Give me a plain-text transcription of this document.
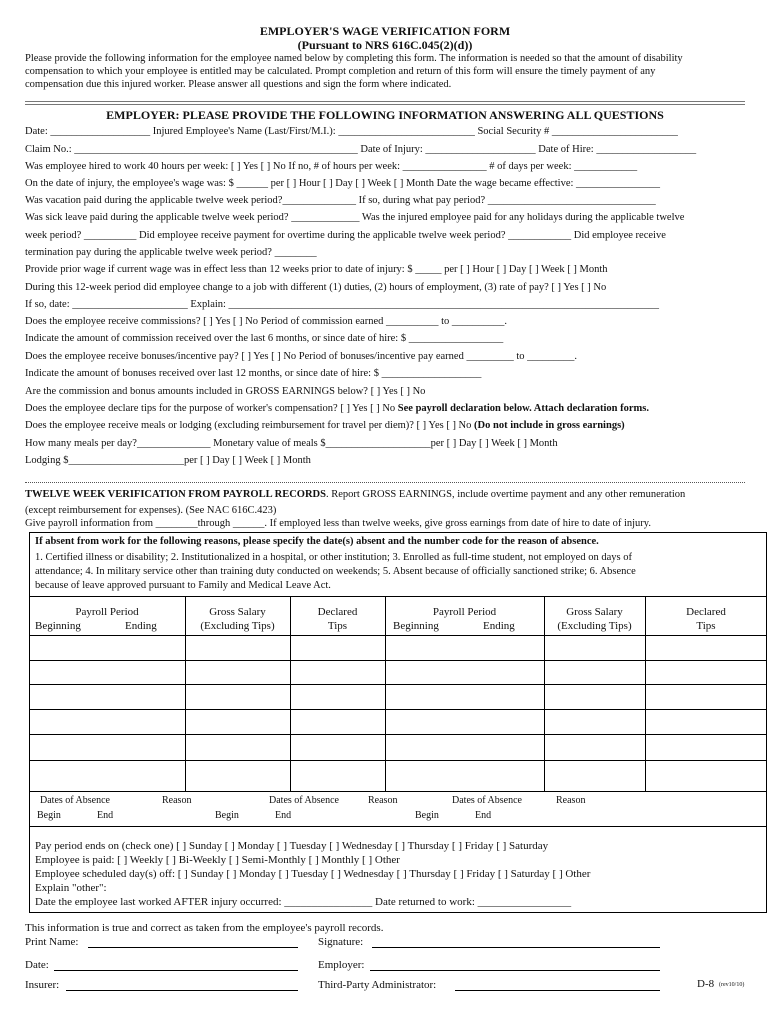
EMPLOYER'S WAGE VERIFICATION FORM
(Pursuant to NRS 616C.045(2)(d))
Please provide the following information for the employee named below by completing this form. The information is needed so that the amount of disability
compensation to which your employee is entitled may be calculated. Prompt completion and return of this form will ensure the timely payment of any
compensation due this injured worker. Please answer all questions and sign the form where indicated.
EMPLOYER: PLEASE PROVIDE THE FOLLOWING INFORMATION ANSWERING ALL QUESTIONS
Date: ___________________ Injured Employee's Name (Last/First/M.I.): __________________________ Social Security # ________________________
Claim No.: ______________________________________________________ Date of Injury: _____________________ Date of Hire: ___________________
Was employee hired to work 40 hours per week: [ ] Yes [ ] No If no, # of hours per week: ________________ # of days per week: ____________
On the date of injury, the employee's wage was: $ ______ per [ ] Hour [ ] Day [ ] Week [ ] Month Date the wage became effective: ________________
Was vacation paid during the applicable twelve week period?______________ If so, during what pay period? ________________________________
Was sick leave paid during the applicable twelve week period? _____________ Was the injured employee paid for any holidays during the applicable twelve
week period? __________ Did employee receive payment for overtime during the applicable twelve week period? ____________ Did employee receive
termination pay during the applicable twelve week period? ________
Provide prior wage if current wage was in effect less than 12 weeks prior to date of injury: $ _____ per [ ] Hour [ ] Day [ ] Week [ ] Month
During this 12-week period did employee change to a job with different (1) duties, (2) hours of employment, (3) rate of pay? [ ] Yes [ ] No
If so, date: ______________________ Explain: __________________________________________________________________________________
Does the employee receive commissions? [ ] Yes [ ] No Period of commission earned __________ to __________.
Indicate the amount of commission received over the last 6 months, or since date of hire: $ __________________
Does the employee receive bonuses/incentive pay? [ ] Yes [ ] No Period of bonuses/incentive pay earned _________ to _________.
Indicate the amount of bonuses received over last 12 months, or since date of hire: $ ___________________
Are the commission and bonus amounts included in GROSS EARNINGS below? [ ] Yes [ ] No
Does the employee declare tips for the purpose of worker's compensation? [ ] Yes [ ] No See payroll declaration below. Attach declaration forms.
Does the employee receive meals or lodging (excluding reimbursement for travel per diem)? [ ] Yes [ ] No (Do not include in gross earnings)
How many meals per day?______________ Monetary value of meals $____________________per [ ] Day [ ] Week [ ] Month
Lodging $______________________per [ ] Day [ ] Week [ ] Month
TWELVE WEEK VERIFICATION FROM PAYROLL RECORDS. Report GROSS EARNINGS, include overtime payment and any other remuneration
(except reimbursement for expenses). (See NAC 616C.423)
Give payroll information from ________through ______. If employed less than twelve weeks, give gross earnings from date of hire to date of injury.
If absent from work for the following reasons, please specify the date(s) absent and the number code for the reason of absence.
1. Certified illness or disability; 2. Institutionalized in a hospital, or other institution; 3. Enrolled as full-time student, not employed on days of
attendance; 4. In military service other than training duty conducted on weekends; 5. Absent because of officially sanctioned strike; 6. Absence
because of leave approved pursuant to Family and Medical Leave Act.
Payroll Period
Beginning	Ending
Gross Salary
(Excluding Tips)
Declared
Tips
Payroll Period
Beginning	Ending
Gross Salary
(Excluding Tips)
Declared
Tips
Dates of Absence	Reason	Dates of Absence	Reason	Dates of Absence	Reason
Begin	End	Begin	End	Begin	End
Pay period ends on (check one) [ ] Sunday [ ] Monday [ ] Tuesday [ ] Wednesday [ ] Thursday [ ] Friday [ ] Saturday
Employee is paid: [ ] Weekly [ ] Bi-Weekly [ ] Semi-Monthly [ ] Monthly [ ] Other
Employee scheduled day(s) off: [ ] Sunday [ ] Monday [ ] Tuesday [ ] Wednesday [ ] Thursday [ ] Friday [ ] Saturday [ ] Other
Explain "other":
Date the employee last worked AFTER injury occurred: ________________ Date returned to work: _________________
This information is true and correct as taken from the employee's payroll records.
Print Name:	Signature:
Date:	Employer:
Insurer:	Third-Party Administrator:	D-8 (rev10/10)
